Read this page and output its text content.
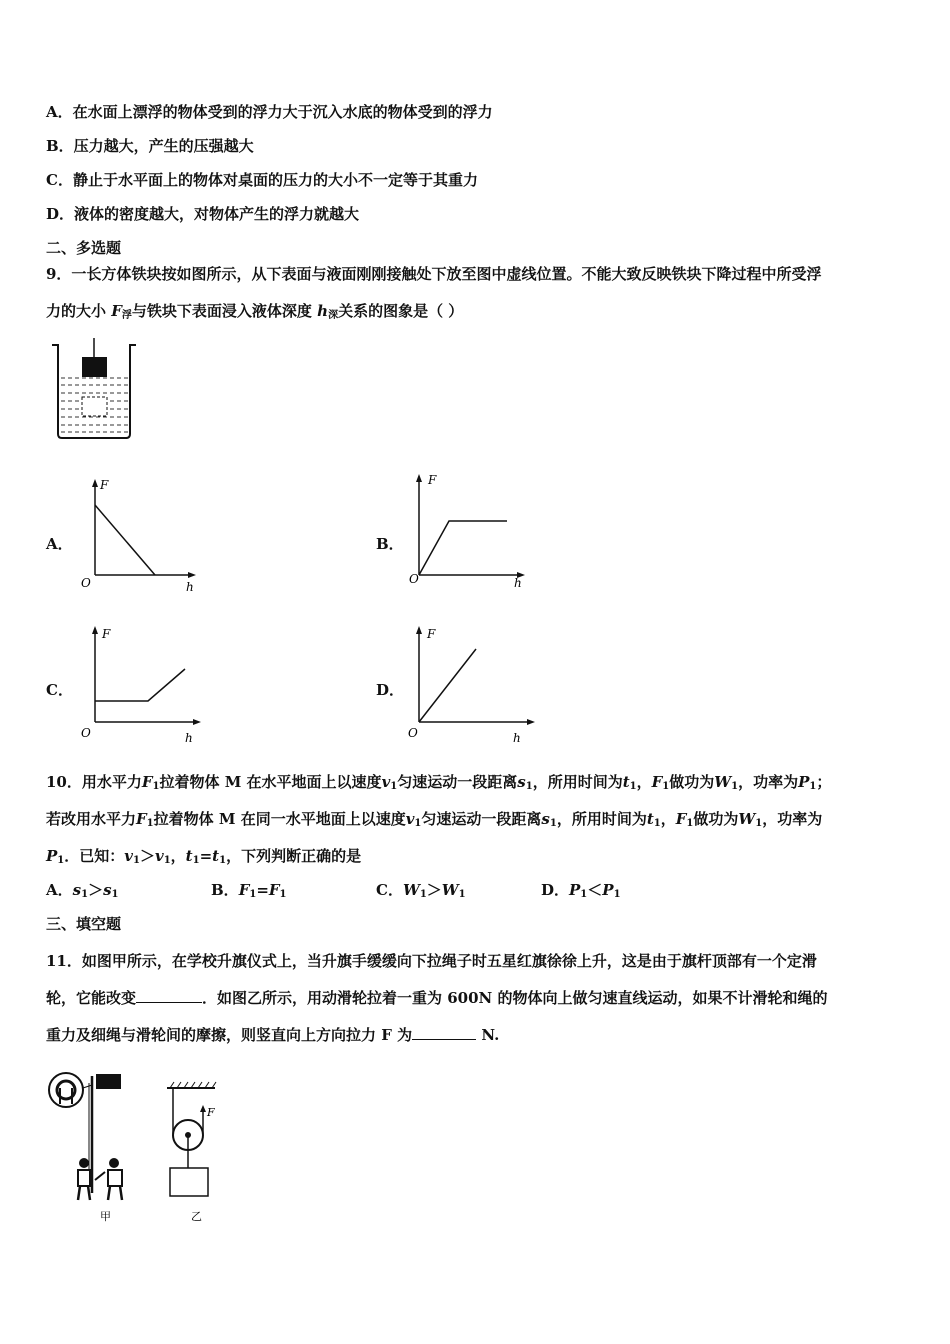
A．在水面上漂浮的物体受到的浮力大于沉入水底的物体受到的浮力
B．压力越大，产生的压强越大
C．静止于水平面上的物体对桌面的压力的大小不一定等于其重力
D．液体的密度越大，对物体产生的浮力就越大
二、多选题
9．一长方体铁块按如图所示，从下表面与液面刚刚接触处下放至图中虚线位置。不能大致反映铁块下降过程中所受浮
力的大小 $F_浮$与铁块下表面浸入液体深度 $h_深$关系的图象是（ ）
A．
F
O	h
B．
F
O	h
C．
F
O	h
D．
F
O	h
10．用水平力$F_1$拉着物体 M 在水平地面上以速度$v_1$匀速运动一段距离$s_1$，所用时间为$t_1$，$F_1$做功为$W_1$，功率为$P_1$；
若改用水平力$F_1$拉着物体 M 在同一水平地面上以速度$v_1$匀速运动一段距离$s_1$，所用时间为$t_1$，$F_1$做功为$W_1$，功率为
$P_1$．已知：$v_1>v_1$，$t_1=t_1$，下列判断正确的是
A．$s_1>s_1$	B．$F_1=F_1$	C．$W_1>W_1$	D．$P_1<P_1$
三、填空题
11．如图甲所示，在学校升旗仪式上，当升旗手缓缓向下拉绳子时五星红旗徐徐上升，这是由于旗杆顶部有一个定滑
轮，它能改变	．如图乙所示，用动滑轮拉着一重为 600N 的物体向上做匀速直线运动，如果不计滑轮和绳的
重力及细绳与滑轮间的摩擦，则竖直向上方向拉力 F 为	N.
甲
F
乙
